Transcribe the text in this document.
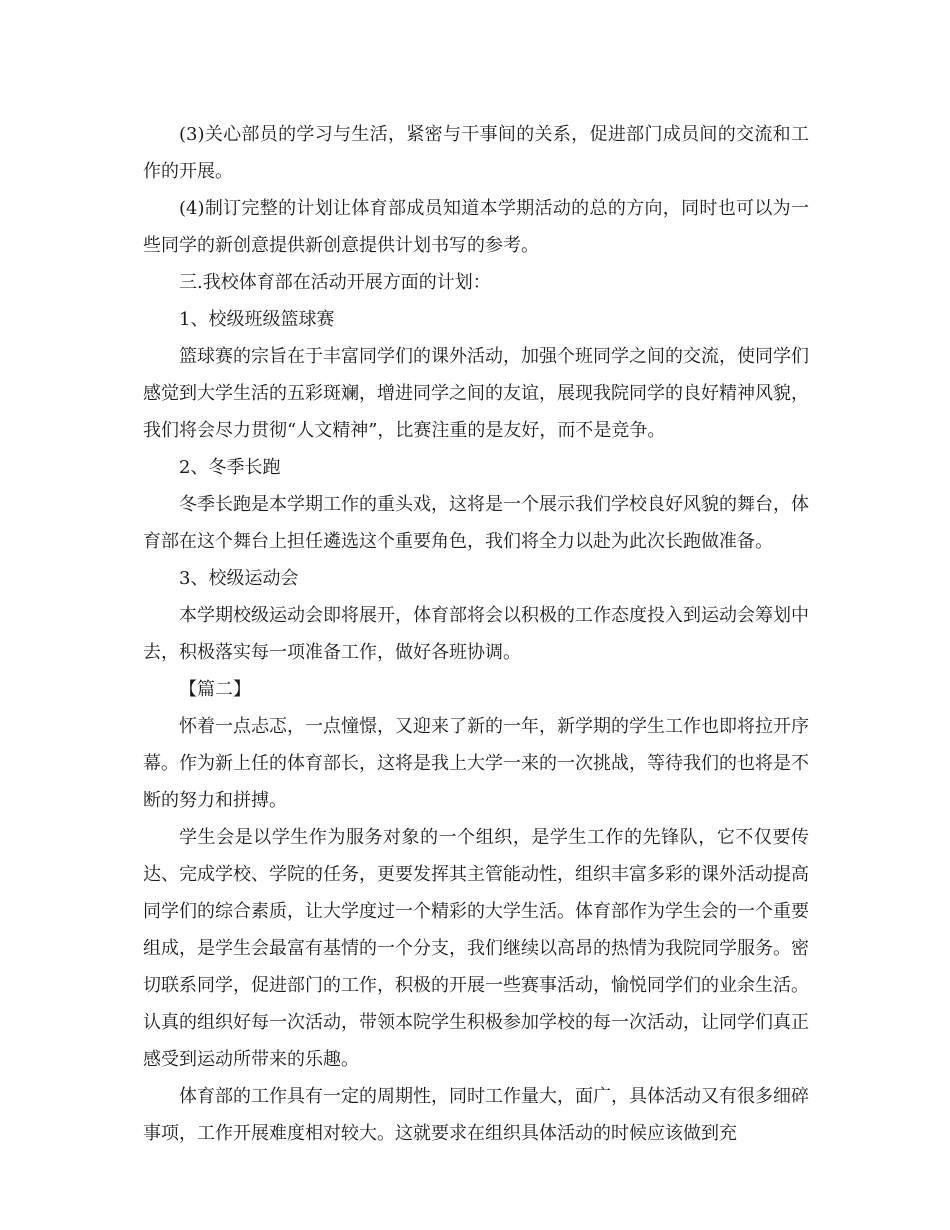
(3)关心部员的学习与生活，紧密与干事间的关系，促进部门成员间的交流和工作的开展。

(4)制订完整的计划让体育部成员知道本学期活动的总的方向，同时也可以为一些同学的新创意提供新创意提供计划书写的参考。

三.我校体育部在活动开展方面的计划：

1、校级班级篮球赛

篮球赛的宗旨在于丰富同学们的课外活动，加强个班同学之间的交流，使同学们感觉到大学生活的五彩斑斓，增进同学之间的友谊，展现我院同学的良好精神风貌，我们将会尽力贯彻“人文精神”，比赛注重的是友好，而不是竞争。

2、冬季长跑

冬季长跑是本学期工作的重头戏，这将是一个展示我们学校良好风貌的舞台，体育部在这个舞台上担任遴选这个重要角色，我们将全力以赴为此次长跑做准备。

3、校级运动会

本学期校级运动会即将展开，体育部将会以积极的工作态度投入到运动会筹划中去，积极落实每一项准备工作，做好各班协调。

【篇二】

怀着一点忐忑，一点憧憬，又迎来了新的一年，新学期的学生工作也即将拉开序幕。作为新上任的体育部长，这将是我上大学一来的一次挑战，等待我们的也将是不断的努力和拼搏。

学生会是以学生作为服务对象的一个组织，是学生工作的先锋队，它不仅要传达、完成学校、学院的任务，更要发挥其主管能动性，组织丰富多彩的课外活动提高同学们的综合素质，让大学度过一个精彩的大学生活。体育部作为学生会的一个重要组成，是学生会最富有基情的一个分支，我们继续以高昂的热情为我院同学服务。密切联系同学，促进部门的工作，积极的开展一些赛事活动，愉悦同学们的业余生活。认真的组织好每一次活动，带领本院学生积极参加学校的每一次活动，让同学们真正感受到运动所带来的乐趣。

体育部的工作具有一定的周期性，同时工作量大，面广，具体活动又有很多细碎事项，工作开展难度相对较大。这就要求在组织具体活动的时候应该做到充
